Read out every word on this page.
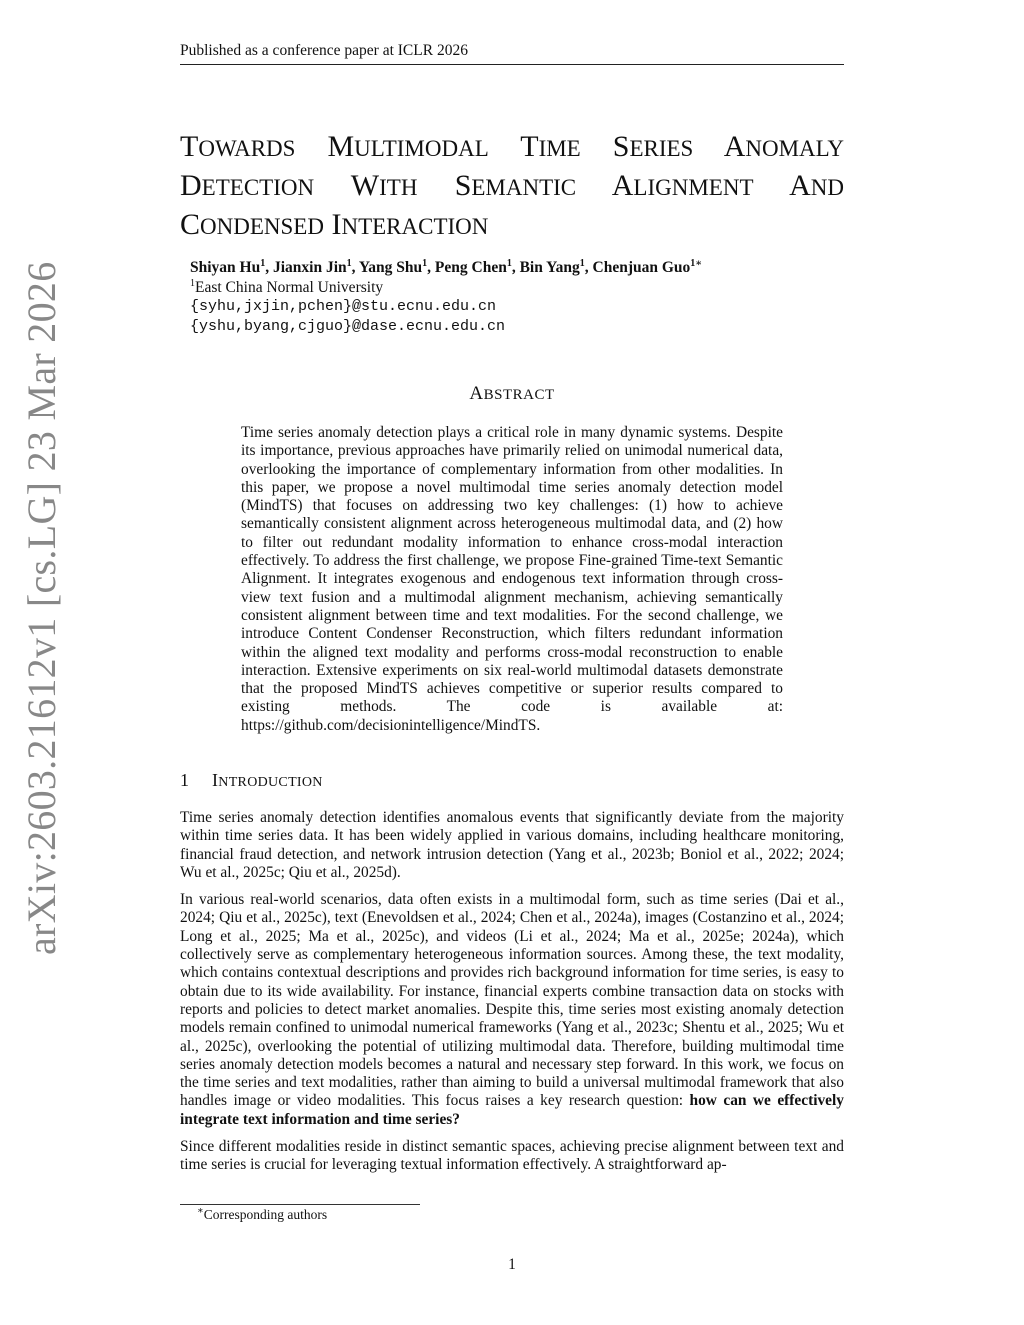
Published as a conference paper at ICLR 2026
arXiv:2603.21612v1 [cs.LG] 23 Mar 2026
TOWARDS MULTIMODAL TIME SERIES ANOMALY DETECTION WITH SEMANTIC ALIGNMENT AND CONDENSED INTERACTION
Shiyan Hu$^1$, Jianxin Jin$^1$, Yang Shu$^1$, Peng Chen$^1$, Bin Yang$^1$, Chenjuan Guo$^{1∗}$
$^1$East China Normal University
{syhu,jxjin,pchen}@stu.ecnu.edu.cn
{yshu,byang,cjguo}@dase.ecnu.edu.cn
ABSTRACT

Time series anomaly detection plays a critical role in many dynamic systems. Despite its importance, previous approaches have primarily relied on unimodal numerical data, overlooking the importance of complementary information from other modalities. In this paper, we propose a novel multimodal time series anomaly detection model (MindTS) that focuses on addressing two key challenges: (1) how to achieve semantically consistent alignment across heterogeneous multimodal data, and (2) how to filter out redundant modality information to enhance cross-modal interaction effectively. To address the first challenge, we propose Fine-grained Time-text Semantic Alignment. It integrates exogenous and endogenous text information through cross-view text fusion and a multimodal alignment mechanism, achieving semantically consistent alignment between time and text modalities. For the second challenge, we introduce Content Condenser Reconstruction, which filters redundant information within the aligned text modality and performs cross-modal reconstruction to enable interaction. Extensive experiments on six real-world multimodal datasets demonstrate that the proposed MindTS achieves competitive or superior results compared to existing methods. The code is available at: https://github.com/decisionintelligence/MindTS.

1 INTRODUCTION

Time series anomaly detection identifies anomalous events that significantly deviate from the majority within time series data. It has been widely applied in various domains, including healthcare monitoring, financial fraud detection, and network intrusion detection (Yang et al., 2023b; Boniol et al., 2022; 2024; Wu et al., 2025c; Qiu et al., 2025d).

In various real-world scenarios, data often exists in a multimodal form, such as time series (Dai et al., 2024; Qiu et al., 2025c), text (Enevoldsen et al., 2024; Chen et al., 2024a), images (Costanzino et al., 2024; Long et al., 2025; Ma et al., 2025c), and videos (Li et al., 2024; Ma et al., 2025e; 2024a), which collectively serve as complementary heterogeneous information sources. Among these, the text modality, which contains contextual descriptions and provides rich background information for time series, is easy to obtain due to its wide availability. For instance, financial experts combine transaction data on stocks with reports and policies to detect market anomalies. Despite this, time series most existing anomaly detection models remain confined to unimodal numerical frameworks (Yang et al., 2023c; Shentu et al., 2025; Wu et al., 2025c), overlooking the potential of utilizing multimodal data. Therefore, building multimodal time series anomaly detection models becomes a natural and necessary step forward. In this work, we focus on the time series and text modalities, rather than aiming to build a universal multimodal framework that also handles image or video modalities. This focus raises a key research question: how can we effectively integrate text information and time series?

Since different modalities reside in distinct semantic spaces, achieving precise alignment between text and time series is crucial for leveraging textual information effectively. A straightforward ap-

∗Corresponding authors
1
